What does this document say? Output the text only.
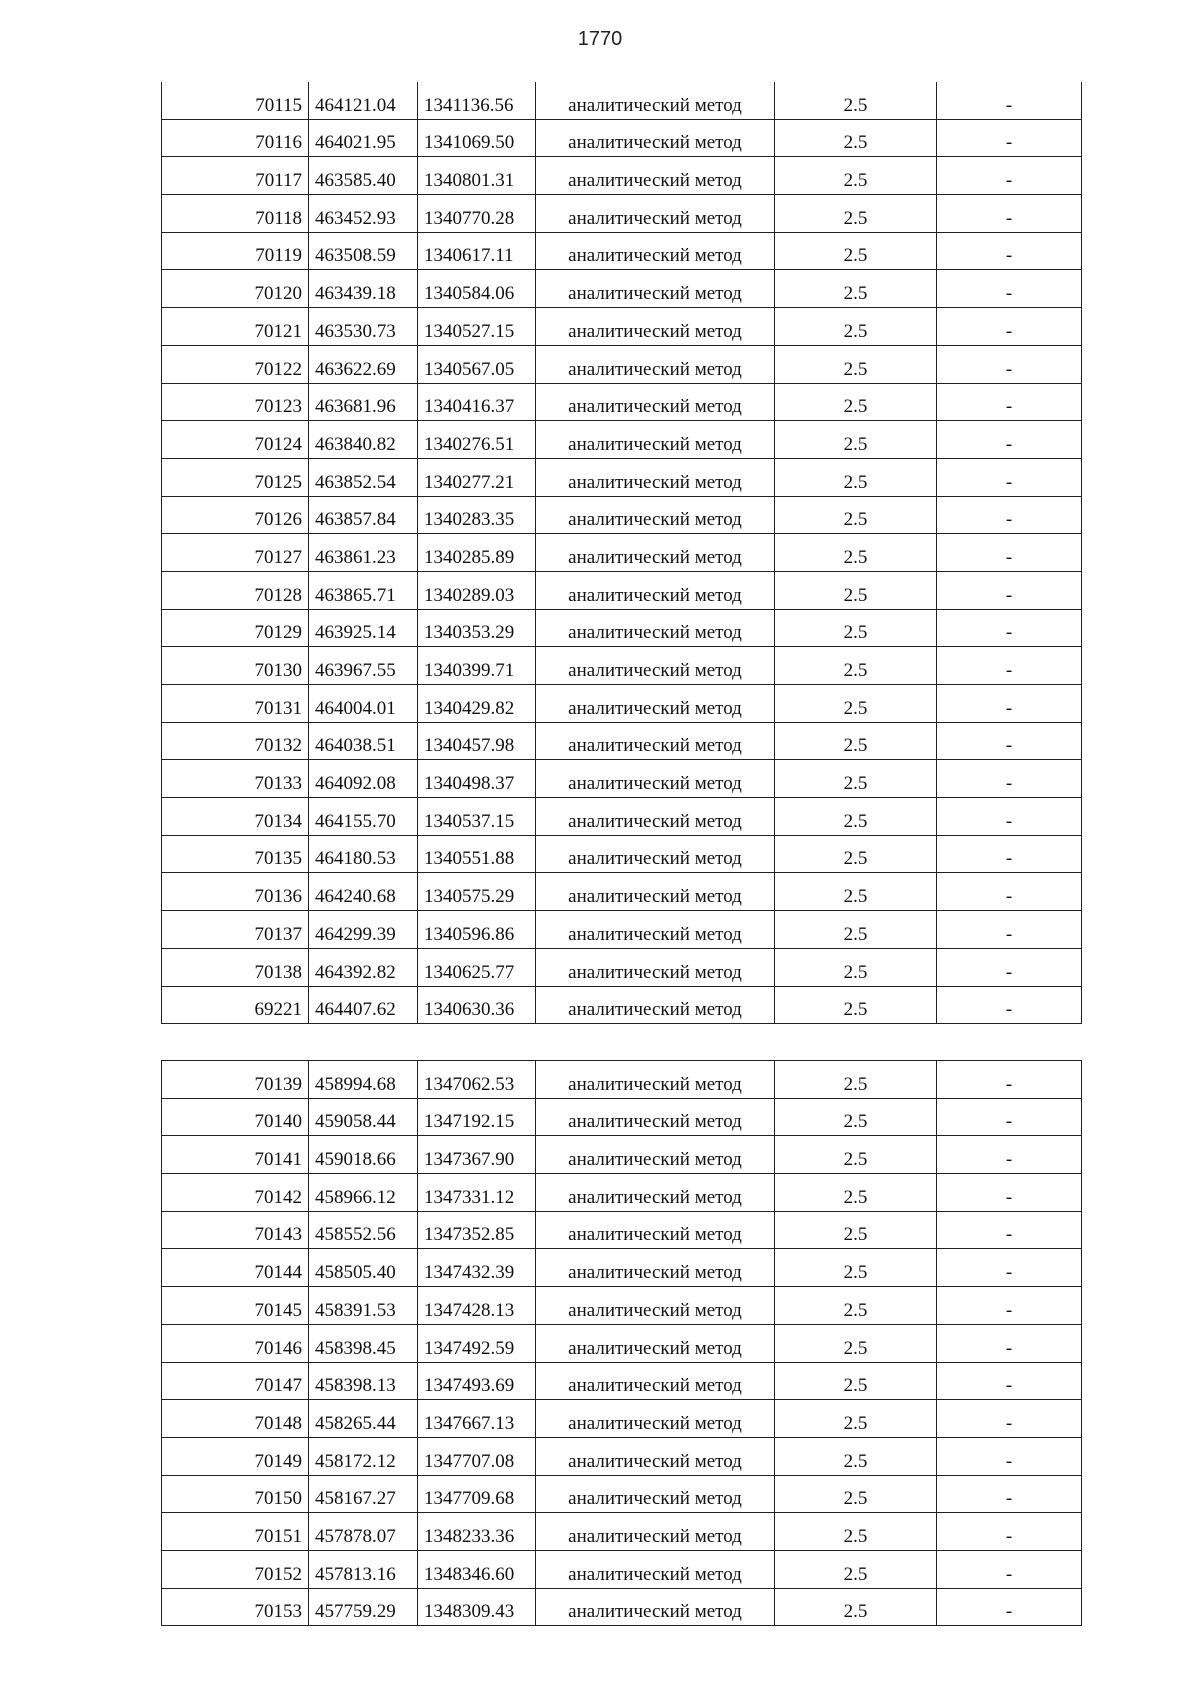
1770
70115	464121.04	1341136.56	аналитический метод	2.5	-
70116	464021.95	1341069.50	аналитический метод	2.5	-
70117	463585.40	1340801.31	аналитический метод	2.5	-
70118	463452.93	1340770.28	аналитический метод	2.5	-
70119	463508.59	1340617.11	аналитический метод	2.5	-
70120	463439.18	1340584.06	аналитический метод	2.5	-
70121	463530.73	1340527.15	аналитический метод	2.5	-
70122	463622.69	1340567.05	аналитический метод	2.5	-
70123	463681.96	1340416.37	аналитический метод	2.5	-
70124	463840.82	1340276.51	аналитический метод	2.5	-
70125	463852.54	1340277.21	аналитический метод	2.5	-
70126	463857.84	1340283.35	аналитический метод	2.5	-
70127	463861.23	1340285.89	аналитический метод	2.5	-
70128	463865.71	1340289.03	аналитический метод	2.5	-
70129	463925.14	1340353.29	аналитический метод	2.5	-
70130	463967.55	1340399.71	аналитический метод	2.5	-
70131	464004.01	1340429.82	аналитический метод	2.5	-
70132	464038.51	1340457.98	аналитический метод	2.5	-
70133	464092.08	1340498.37	аналитический метод	2.5	-
70134	464155.70	1340537.15	аналитический метод	2.5	-
70135	464180.53	1340551.88	аналитический метод	2.5	-
70136	464240.68	1340575.29	аналитический метод	2.5	-
70137	464299.39	1340596.86	аналитический метод	2.5	-
70138	464392.82	1340625.77	аналитический метод	2.5	-
69221	464407.62	1340630.36	аналитический метод	2.5	-
70139	458994.68	1347062.53	аналитический метод	2.5	-
70140	459058.44	1347192.15	аналитический метод	2.5	-
70141	459018.66	1347367.90	аналитический метод	2.5	-
70142	458966.12	1347331.12	аналитический метод	2.5	-
70143	458552.56	1347352.85	аналитический метод	2.5	-
70144	458505.40	1347432.39	аналитический метод	2.5	-
70145	458391.53	1347428.13	аналитический метод	2.5	-
70146	458398.45	1347492.59	аналитический метод	2.5	-
70147	458398.13	1347493.69	аналитический метод	2.5	-
70148	458265.44	1347667.13	аналитический метод	2.5	-
70149	458172.12	1347707.08	аналитический метод	2.5	-
70150	458167.27	1347709.68	аналитический метод	2.5	-
70151	457878.07	1348233.36	аналитический метод	2.5	-
70152	457813.16	1348346.60	аналитический метод	2.5	-
70153	457759.29	1348309.43	аналитический метод	2.5	-
